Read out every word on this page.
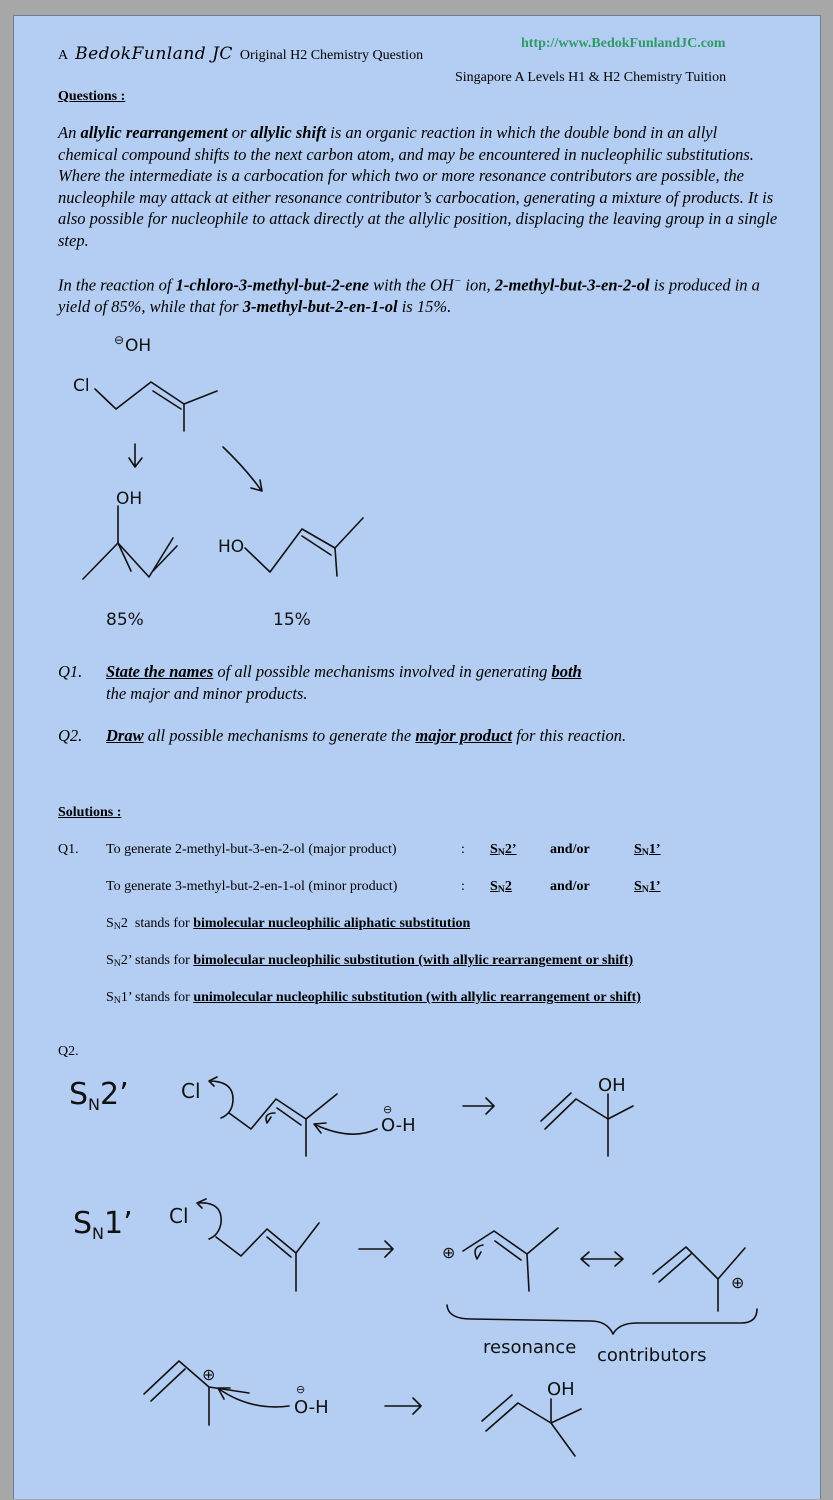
A BedokFunland JC Original H2 Chemistry Question
http://www.BedokFunlandJC.com
Singapore A Levels H1 & H2 Chemistry Tuition
Questions :
An allylic rearrangement or allylic shift is an organic reaction in which the double bond in an allyl chemical compound shifts to the next carbon atom, and may be encountered in nucleophilic substitutions. Where the intermediate is a carbocation for which two or more resonance contributors are possible, the nucleophile may attack at either resonance contributor’s carbocation, generating a mixture of products. It is also possible for nucleophile to attack directly at the allylic position, displacing the leaving group in a single step.
In the reaction of 1-chloro-3-methyl-but-2-ene with the OH− ion, 2-methyl-but-3-en-2-ol is produced in a yield of 85%, while that for 3-methyl-but-2-en-1-ol is 15%.
⊖ OH
Cl
OH
HO
85%	15%
Q1. State the names of all possible mechanisms involved in generating both
the major and minor products.
Q2. Draw all possible mechanisms to generate the major product for this reaction.
Solutions :
Q1. To generate 2-methyl-but-3-en-2-ol (major product)	: $S_N2$’ and/or	$S_N1$’
To generate 3-methyl-but-2-en-1-ol (minor product)	: $S_N2$	and/or	$S_N1$’
$S_N2$  stands for bimolecular nucleophilic aliphatic substitution
$S_N2$’ stands for bimolecular nucleophilic substitution (with allylic rearrangement or shift)
$S_N1$’ stands for unimolecular nucleophilic substitution (with allylic rearrangement or shift)
Q2.
$S_N2$’	Cl
⊖
O-H
OH
$S_N1$’ Cl
⊕
⊕
resonance contributors
⊕
⊖
O-H
OH
